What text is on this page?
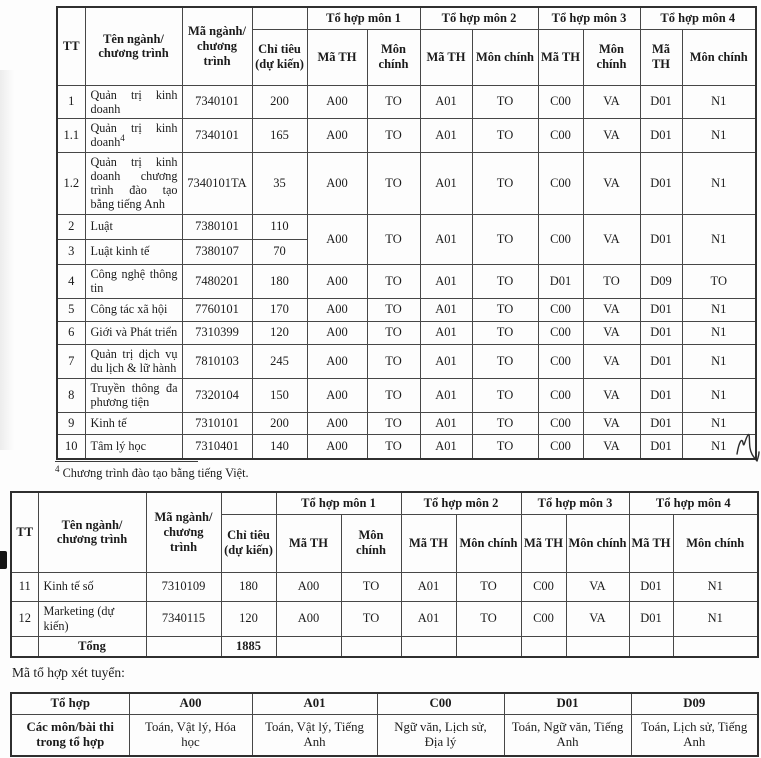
TT	Tên ngành/ chương trình	Mã ngành/ chương trình		Tổ hợp môn 1		Tổ hợp môn 2		Tổ hợp môn 3		Tổ hợp môn 4	
			Chỉ tiêu (dự kiến)	Mã TH	Môn chính	Mã TH	Môn chính	Mã TH	Môn chính	Mã TH	Môn chính
1	Quản trị kinh doanh	7340101	200	A00	TO	A01	TO	C00	VA	D01	N1
1.1	Quản trị kinh doanh$^4$	7340101	165	A00	TO	A01	TO	C00	VA	D01	N1
1.2	Quản trị kinh doanh chương trình đào tạo bằng tiếng Anh	7340101TA	35	A00	TO	A01	TO	C00	VA	D01	N1
2	Luật	7380101	110	A00	TO	A01	TO	C00	VA	D01	N1
3	Luật kinh tế	7380107	70								
4	Công nghệ thông tin	7480201	180	A00	TO	A01	TO	D01	TO	D09	TO
5	Công tác xã hội	7760101	170	A00	TO	A01	TO	C00	VA	D01	N1
6	Giới và Phát triển	7310399	120	A00	TO	A01	TO	C00	VA	D01	N1
7	Quản trị dịch vụ du lịch & lữ hành	7810103	245	A00	TO	A01	TO	C00	VA	D01	N1
8	Truyền thông đa phương tiện	7320104	150	A00	TO	A01	TO	C00	VA	D01	N1
9	Kinh tế	7310101	200	A00	TO	A01	TO	C00	VA	D01	N1
10	Tâm lý học	7310401	140	A00	TO	A01	TO	C00	VA	D01	N1
$^4$ Chương trình đào tạo bằng tiếng Việt.
TT	Tên ngành/ chương trình	Mã ngành/ chương trình		Tổ hợp môn 1		Tổ hợp môn 2		Tổ hợp môn 3		Tổ hợp môn 4	
			Chỉ tiêu (dự kiến)	Mã TH	Môn chính	Mã TH	Môn chính	Mã TH	Môn chính	Mã TH	Môn chính
11	Kinh tế số	7310109	180	A00	TO	A01	TO	C00	VA	D01	N1
12	Marketing (dự kiến)	7340115	120	A00	TO	A01	TO	C00	VA	D01	N1
	Tổng		1885								
Mã tổ hợp xét tuyển:
Tổ hợp	A00	A01	C00	D01	D09
Các môn/bài thi trong tổ hợp	Toán, Vật lý, Hóa học	Toán, Vật lý, Tiếng Anh	Ngữ văn, Lịch sử, Địa lý	Toán, Ngữ văn, Tiếng Anh	Toán, Lịch sử, Tiếng Anh
